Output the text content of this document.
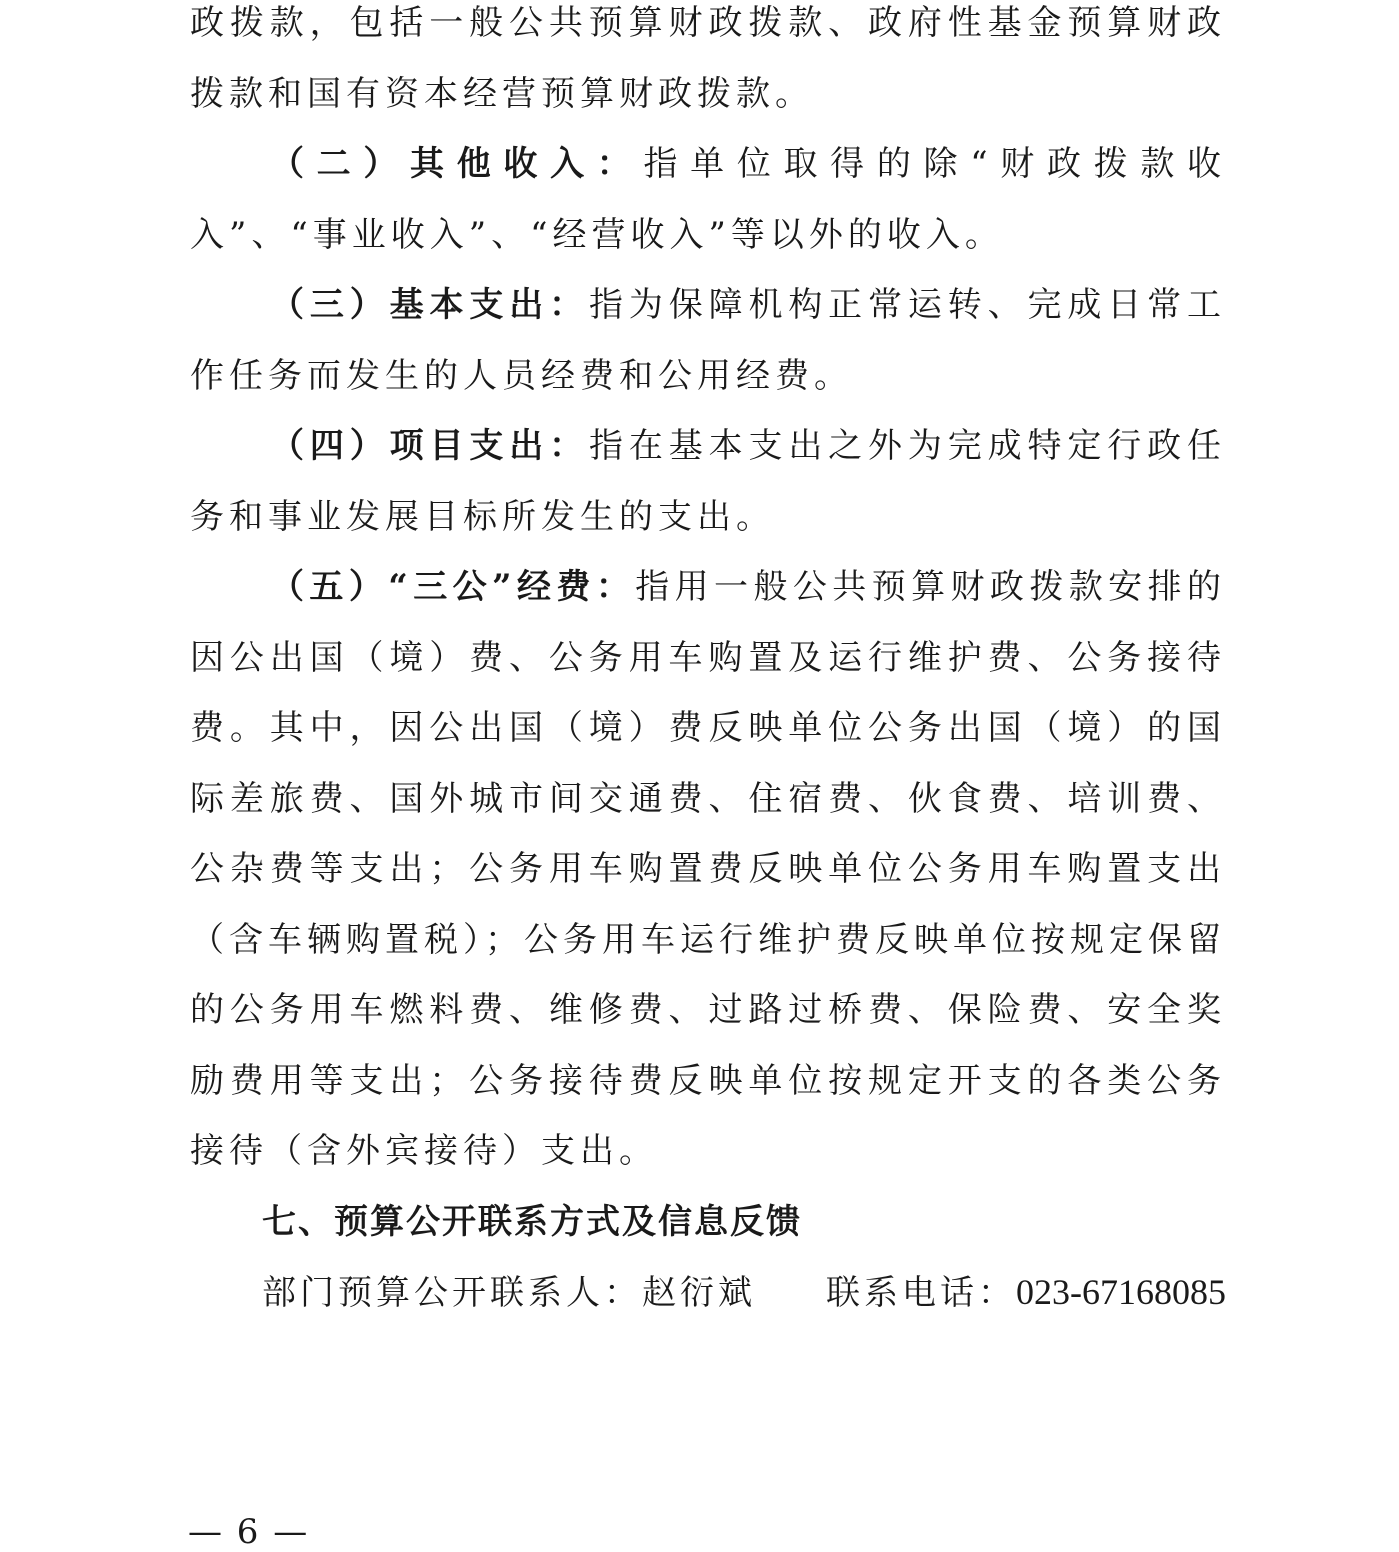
政拨款，包括一般公共预算财政拨款、政府性基金预算财政拨款和国有资本经营预算财政拨款。

（二）其他收入：指单位取得的除“财政拨款收入”、“事业收入”、“经营收入”等以外的收入。

（三）基本支出：指为保障机构正常运转、完成日常工作任务而发生的人员经费和公用经费。

（四）项目支出：指在基本支出之外为完成特定行政任务和事业发展目标所发生的支出。

（五）“三公”经费：指用一般公共预算财政拨款安排的因公出国（境）费、公务用车购置及运行维护费、公务接待费。其中，因公出国（境）费反映单位公务出国（境）的国际差旅费、国外城市间交通费、住宿费、伙食费、培训费、公杂费等支出；公务用车购置费反映单位公务用车购置支出（含车辆购置税）；公务用车运行维护费反映单位按规定保留的公务用车燃料费、维修费、过路过桥费、保险费、安全奖励费用等支出；公务接待费反映单位按规定开支的各类公务接待（含外宾接待）支出。

七、预算公开联系方式及信息反馈

部门预算公开联系人：赵衍斌 联系电话：023-67168085

— 6 —
